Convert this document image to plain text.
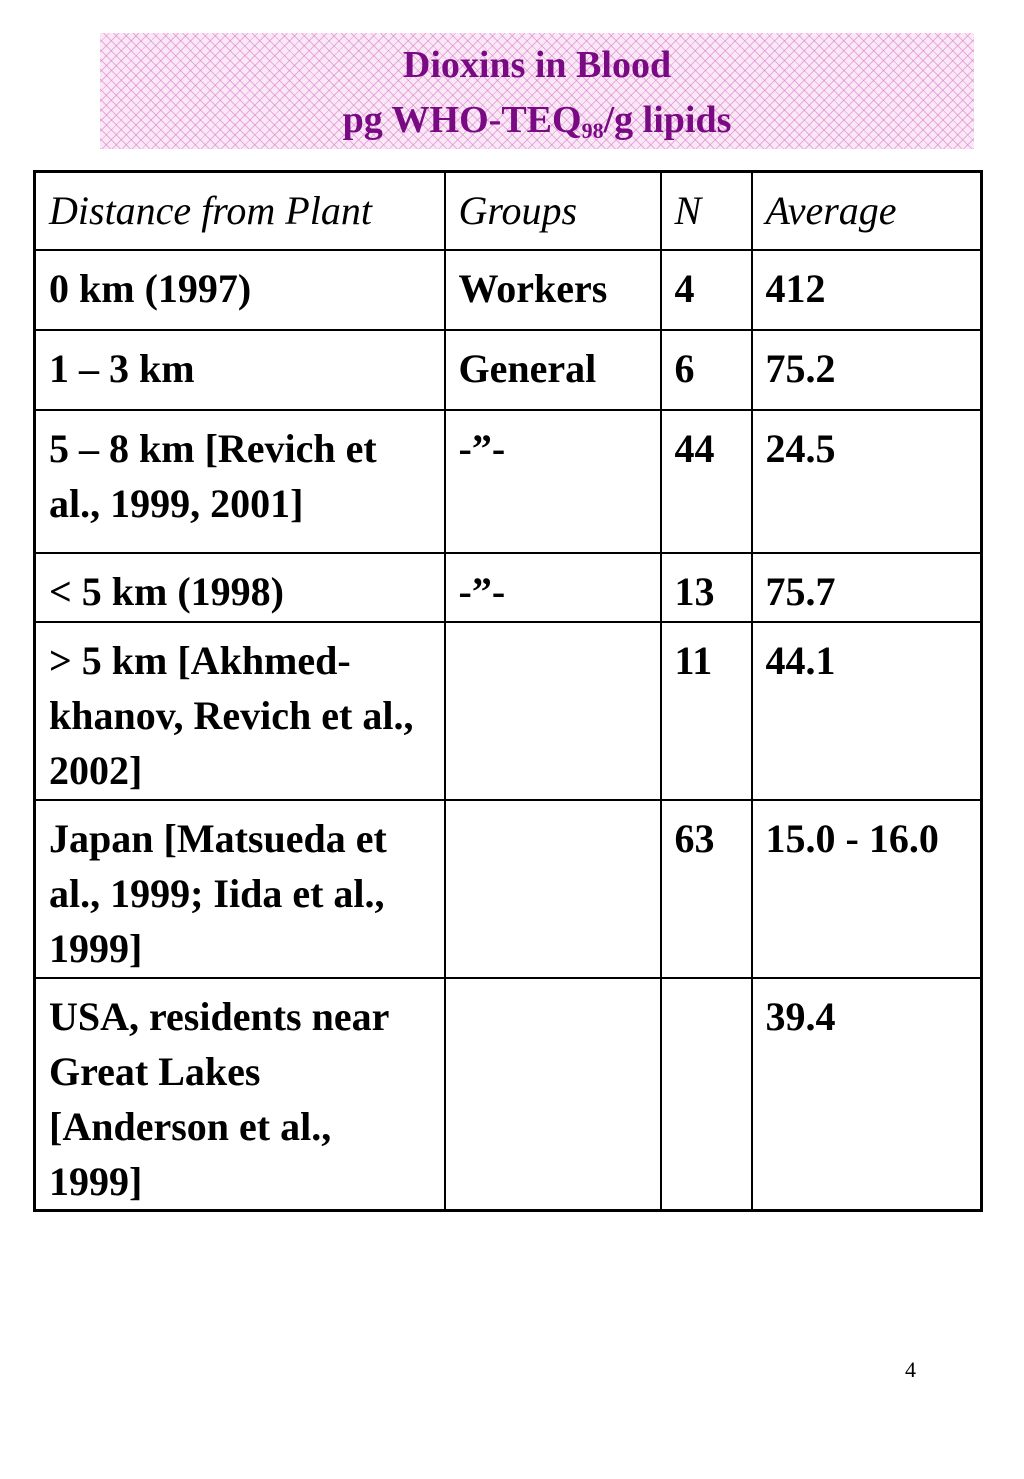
Dioxins in Blood
pg WHO-$TEQ_{98}/g$ lipids
Distance from Plant	Groups	N	Average
0 km (1997)	Workers	4	412
1 – 3 km	General	6	75.2
5 – 8 km [Revich et al., 1999, 2001]	-”-	44	24.5
< 5 km (1998)	-”-	13	75.7
> 5 km [Akhmed-khanov, Revich et al., 2002]		11	44.1
Japan [Matsueda et al., 1999; Iida et al., 1999]		63	15.0 - 16.0
USA, residents near Great Lakes [Anderson et al., 1999]			39.4
4
